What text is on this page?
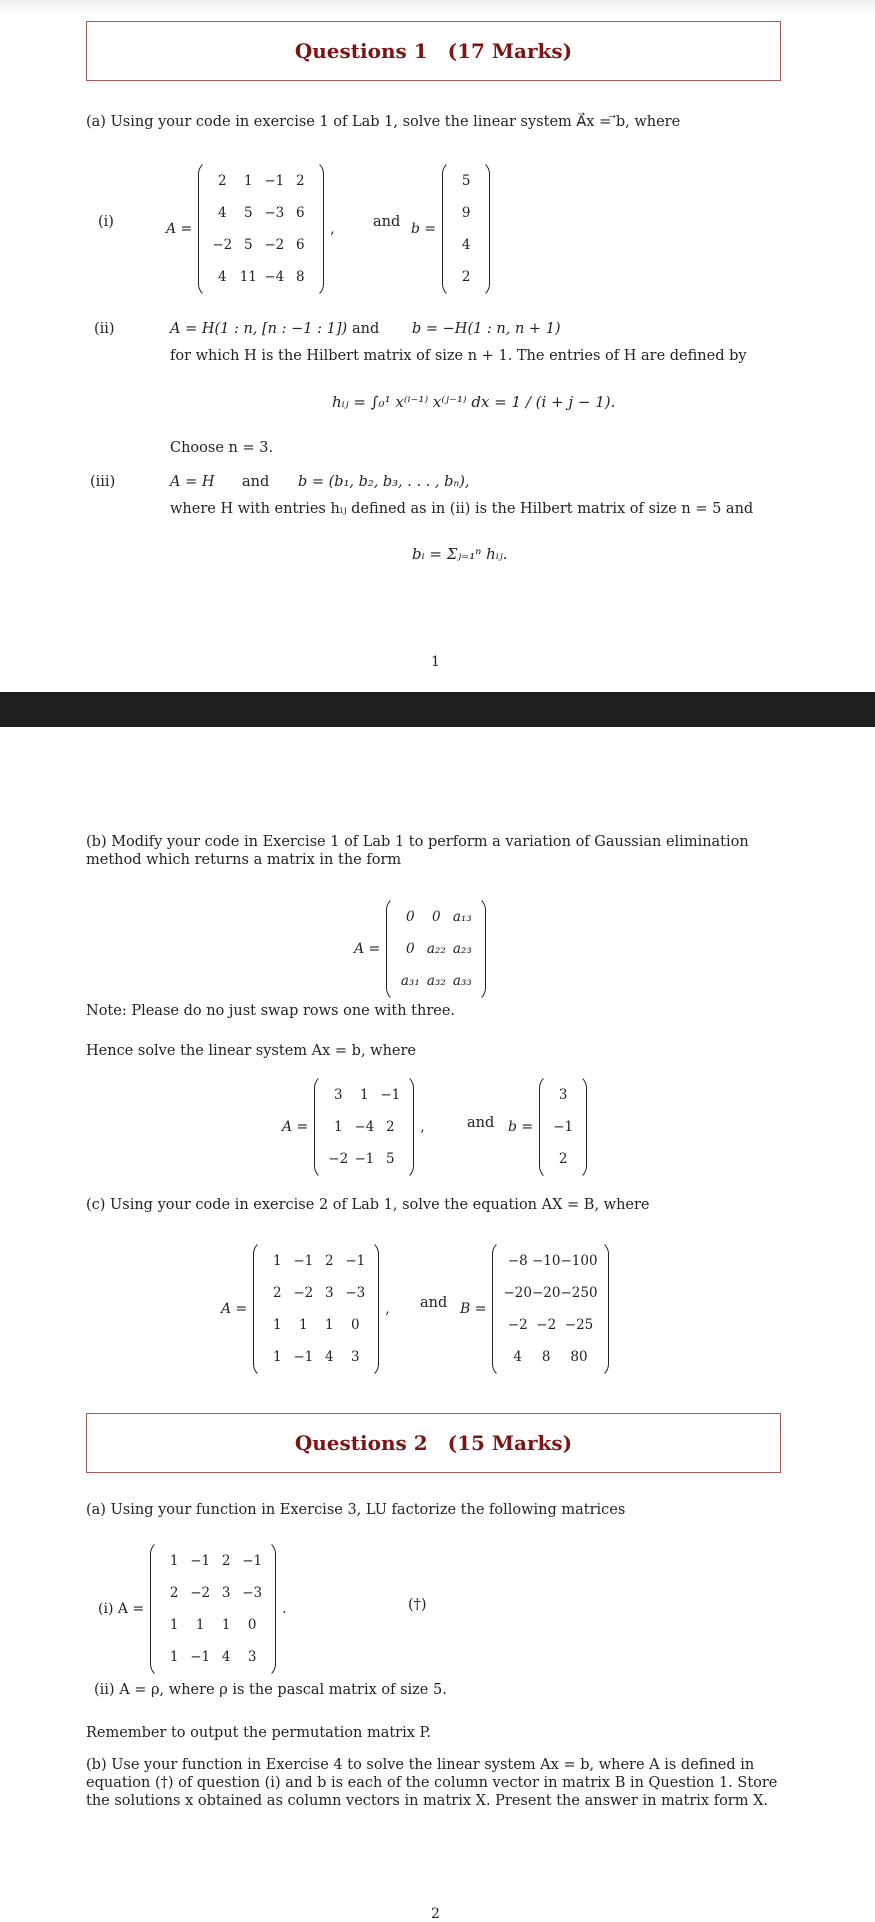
Questions 1 (17 Marks)
(a) Using your code in exercise 1 of Lab 1, solve the linear system A⃗x = ⃗b, where
(i)	A =
2	1 −1 2
4	5 −3 6
−2 5 −2 6
4 11 −4 8
,	and b =
5
9
4
2
(ii)	A = H(1 : n, [n : −1 : 1]) and b = −H(1 : n, n + 1)
for which H is the Hilbert matrix of size n + 1. The entries of H are defined by
hᵢⱼ = ∫₀¹ x⁽ⁱ⁻¹⁾ x⁽ʲ⁻¹⁾ dx = 1 / (i + j − 1).
Choose n = 3.
(iii)	A = H and b = (b₁, b₂, b₃, . . . , bₙ),
where H with entries hᵢⱼ defined as in (ii) is the Hilbert matrix of size n = 5 and
bᵢ = Σⱼ₌₁ⁿ hᵢⱼ.
1
(b) Modify your code in Exercise 1 of Lab 1 to perform a variation of Gaussian elimination method which returns a matrix in the form
A =
0	0 a₁₃
0 a₂₂ a₂₃
a₃₁ a₃₂ a₃₃
Note: Please do no just swap rows one with three.
Hence solve the linear system Ax = b, where
A =
3	1 −1
1 −4 2
−2 −1 5
,	and b =
3
−1
2
(c) Using your code in exercise 2 of Lab 1, solve the equation AX = B, where
A =
1 −1 2 −1
2 −2 3 −3
1	1	1	0
1 −1 4	3
, and B =
−8 −10 −100
−20 −20 −250
−2 −2 −25
4	8	80
Questions 2 (15 Marks)
(a) Using your function in Exercise 3, LU factorize the following matrices
(i) A =
1 −1 2 −1
2 −2 3 −3
1	1	1	0
1 −1 4	3
.	(†)
(ii) A = ρ, where ρ is the pascal matrix of size 5.
Remember to output the permutation matrix P.
(b) Use your function in Exercise 4 to solve the linear system Ax = b, where A is defined in equation (†) of question (i) and b is each of the column vector in matrix B in Question 1. Store the solutions x obtained as column vectors in matrix X. Present the answer in matrix form X.
2
